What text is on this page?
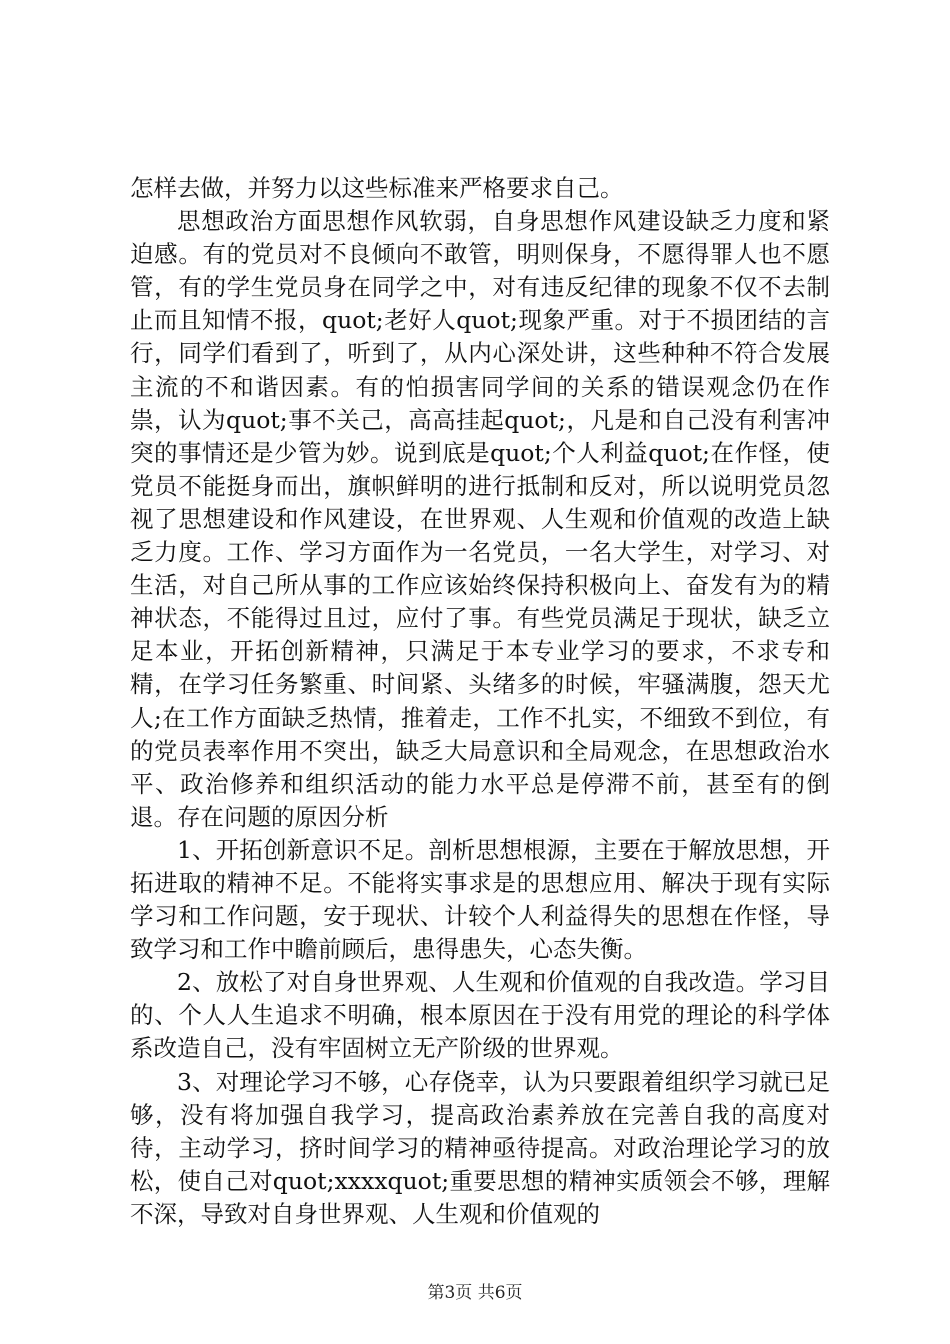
怎样去做，并努力以这些标准来严格要求自己。

思想政治方面思想作风软弱，自身思想作风建设缺乏力度和紧迫感。有的党员对不良倾向不敢管，明则保身，不愿得罪人也不愿管，有的学生党员身在同学之中，对有违反纪律的现象不仅不去制止而且知情不报，quot;老好人quot;现象严重。对于不损团结的言行，同学们看到了，听到了，从内心深处讲，这些种种不符合发展主流的不和谐因素。有的怕损害同学间的关系的错误观念仍在作祟，认为quot;事不关己，高高挂起quot;，凡是和自己没有利害冲突的事情还是少管为妙。说到底是quot;个人利益quot;在作怪，使党员不能挺身而出，旗帜鲜明的进行抵制和反对，所以说明党员忽视了思想建设和作风建设，在世界观、人生观和价值观的改造上缺乏力度。工作、学习方面作为一名党员，一名大学生，对学习、对生活，对自己所从事的工作应该始终保持积极向上、奋发有为的精神状态，不能得过且过，应付了事。有些党员满足于现状，缺乏立足本业，开拓创新精神，只满足于本专业学习的要求，不求专和精，在学习任务繁重、时间紧、头绪多的时候，牢骚满腹，怨天尤人;在工作方面缺乏热情，推着走，工作不扎实，不细致不到位，有的党员表率作用不突出，缺乏大局意识和全局观念，在思想政治水平、政治修养和组织活动的能力水平总是停滞不前，甚至有的倒退。存在问题的原因分析

1、开拓创新意识不足。剖析思想根源，主要在于解放思想，开拓进取的精神不足。不能将实事求是的思想应用、解决于现有实际学习和工作问题，安于现状、计较个人利益得失的思想在作怪，导致学习和工作中瞻前顾后，患得患失，心态失衡。

2、放松了对自身世界观、人生观和价值观的自我改造。学习目的、个人人生追求不明确，根本原因在于没有用党的理论的科学体系改造自己，没有牢固树立无产阶级的世界观。

3、对理论学习不够，心存侥幸，认为只要跟着组织学习就已足够，没有将加强自我学习，提高政治素养放在完善自我的高度对待，主动学习，挤时间学习的精神亟待提高。对政治理论学习的放松，使自己对quot;xxxxquot;重要思想的精神实质领会不够，理解不深，导致对自身世界观、人生观和价值观的

第3页 共6页
